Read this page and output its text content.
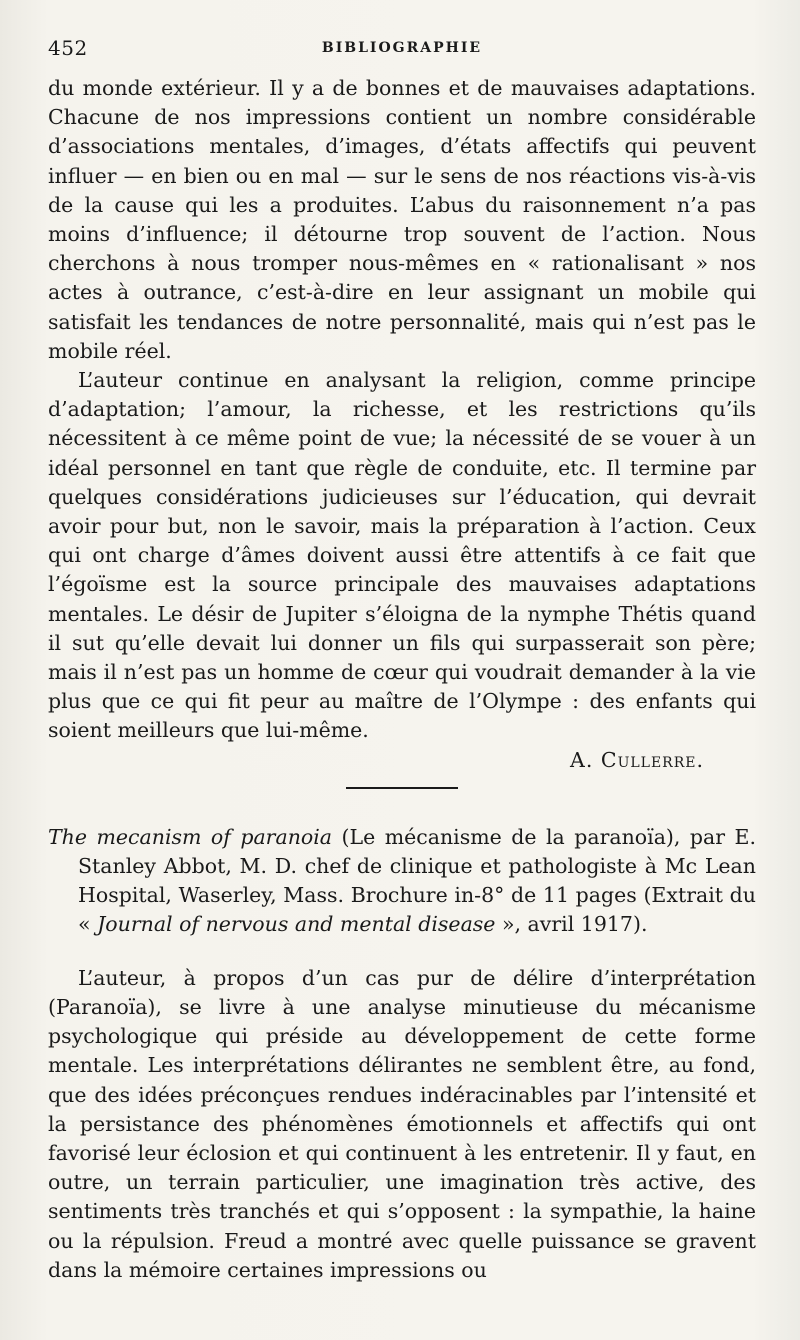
452	BIBLIOGRAPHIE

du monde extérieur. Il y a de bonnes et de mauvaises adaptations. Chacune de nos impressions contient un nombre considérable d’associations mentales, d’images, d’états affectifs qui peuvent influer — en bien ou en mal — sur le sens de nos réactions vis-à-vis de la cause qui les a produites. L’abus du raisonnement n’a pas moins d’influence; il détourne trop souvent de l’action. Nous cherchons à nous tromper nous-mêmes en « rationalisant » nos actes à outrance, c’est-à-dire en leur assignant un mobile qui satisfait les tendances de notre personnalité, mais qui n’est pas le mobile réel.

L’auteur continue en analysant la religion, comme principe d’adaptation; l’amour, la richesse, et les restrictions qu’ils nécessitent à ce même point de vue; la nécessité de se vouer à un idéal personnel en tant que règle de conduite, etc. Il termine par quelques considérations judicieuses sur l’éducation, qui devrait avoir pour but, non le savoir, mais la préparation à l’action. Ceux qui ont charge d’âmes doivent aussi être attentifs à ce fait que l’égoïsme est la source principale des mauvaises adaptations mentales. Le désir de Jupiter s’éloigna de la nymphe Thétis quand il sut qu’elle devait lui donner un fils qui surpasserait son père; mais il n’est pas un homme de cœur qui voudrait demander à la vie plus que ce qui fit peur au maître de l’Olympe : des enfants qui soient meilleurs que lui-même.

A. Cullerre.

The mecanism of paranoia (Le mécanisme de la paranoïa), par E. Stanley Abbot, M. D. chef de clinique et pathologiste à Mc Lean Hospital, Waserley, Mass. Brochure in-8° de 11 pages (Extrait du « Journal of nervous and mental disease », avril 1917).

L’auteur, à propos d’un cas pur de délire d’interprétation (Paranoïa), se livre à une analyse minutieuse du mécanisme psychologique qui préside au développement de cette forme mentale. Les interprétations délirantes ne semblent être, au fond, que des idées préconçues rendues indéracinables par l’intensité et la persistance des phénomènes émotionnels et affectifs qui ont favorisé leur éclosion et qui continuent à les entretenir. Il y faut, en outre, un terrain particulier, une imagination très active, des sentiments très tranchés et qui s’opposent : la sympathie, la haine ou la répulsion. Freud a montré avec quelle puissance se gravent dans la mémoire certaines impressions ou
